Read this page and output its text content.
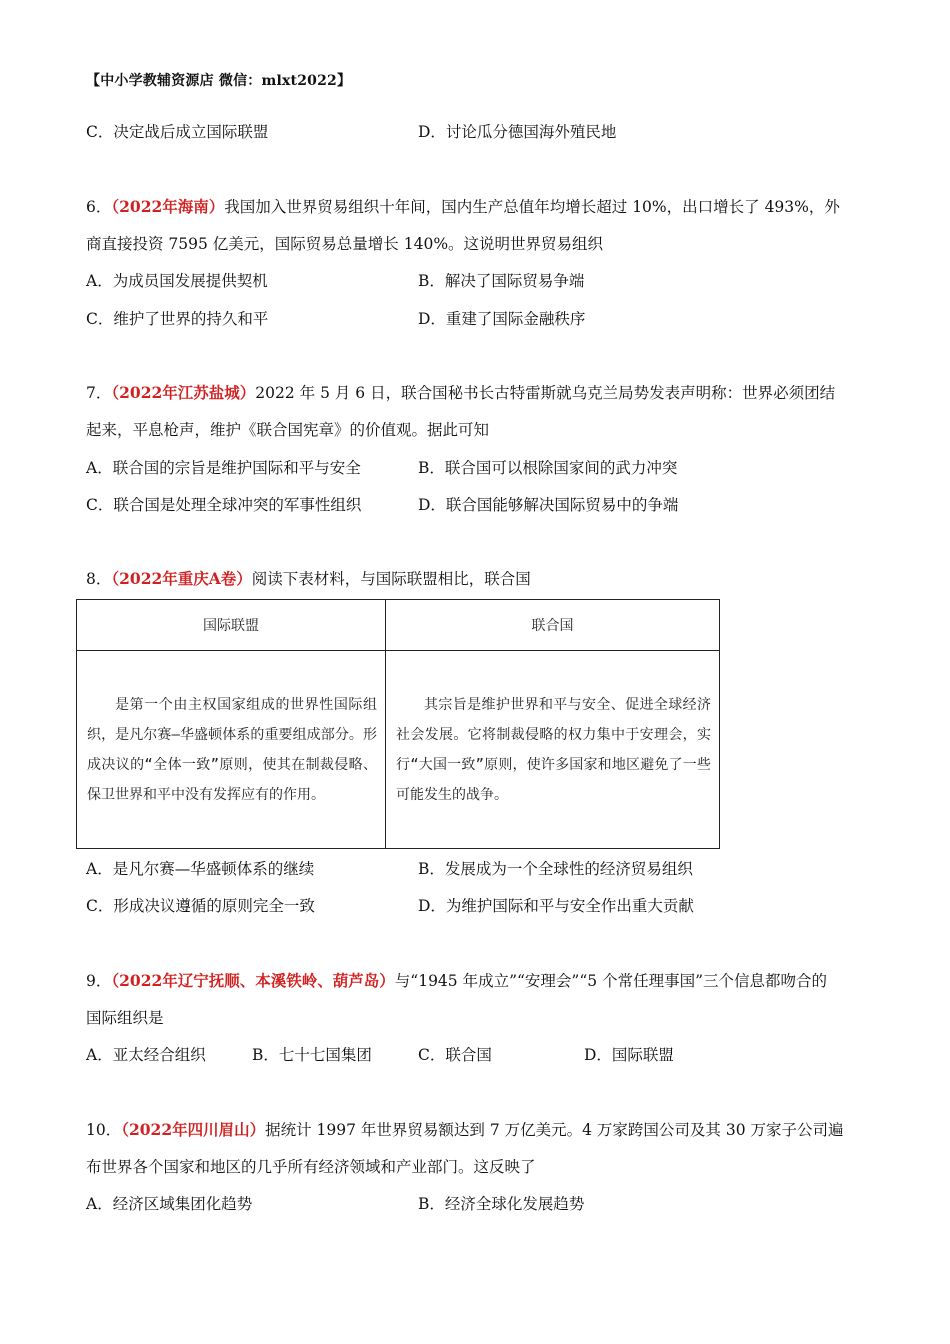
【中小学教辅资源店 微信：mlxt2022】
C．决定战后成立国际联盟	D．讨论瓜分德国海外殖民地
6．（2022年海南）我国加入世界贸易组织十年间，国内生产总值年均增长超过 10%，出口增长了 493%，外
商直接投资 7595 亿美元，国际贸易总量增长 140%。这说明世界贸易组织
A．为成员国发展提供契机	B．解决了国际贸易争端
C．维护了世界的持久和平	D．重建了国际金融秩序
7．（2022年江苏盐城）2022 年 5 月 6 日，联合国秘书长古特雷斯就乌克兰局势发表声明称：世界必须团结
起来，平息枪声，维护《联合国宪章》的价值观。据此可知
A．联合国的宗旨是维护国际和平与安全	B．联合国可以根除国家间的武力冲突
C．联合国是处理全球冲突的军事性组织	D．联合国能够解决国际贸易中的争端
8．（2022年重庆A卷）阅读下表材料，与国际联盟相比，联合国
国际联盟	联合国
是第一个由主权国家组成的世界性国际组织，是凡尔赛—华盛顿体系的重要组成部分。形成决议的“全体一致”原则，使其在制裁侵略、保卫世界和平中没有发挥应有的作用。	其宗旨是维护世界和平与安全、促进全球经济社会发展。它将制裁侵略的权力集中于安理会，实行“大国一致”原则，使许多国家和地区避免了一些可能发生的战争。
A．是凡尔赛—华盛顿体系的继续	B．发展成为一个全球性的经济贸易组织
C．形成决议遵循的原则完全一致	D．为维护国际和平与安全作出重大贡献
9．（2022年辽宁抚顺、本溪铁岭、葫芦岛）与“1945 年成立”“安理会”“5 个常任理事国”三个信息都吻合的
国际组织是
A．亚太经合组织	B．七十七国集团	C．联合国	D．国际联盟
10．（2022年四川眉山）据统计 1997 年世界贸易额达到 7 万亿美元。4 万家跨国公司及其 30 万家子公司遍
布世界各个国家和地区的几乎所有经济领域和产业部门。这反映了
A．经济区域集团化趋势	B．经济全球化发展趋势
